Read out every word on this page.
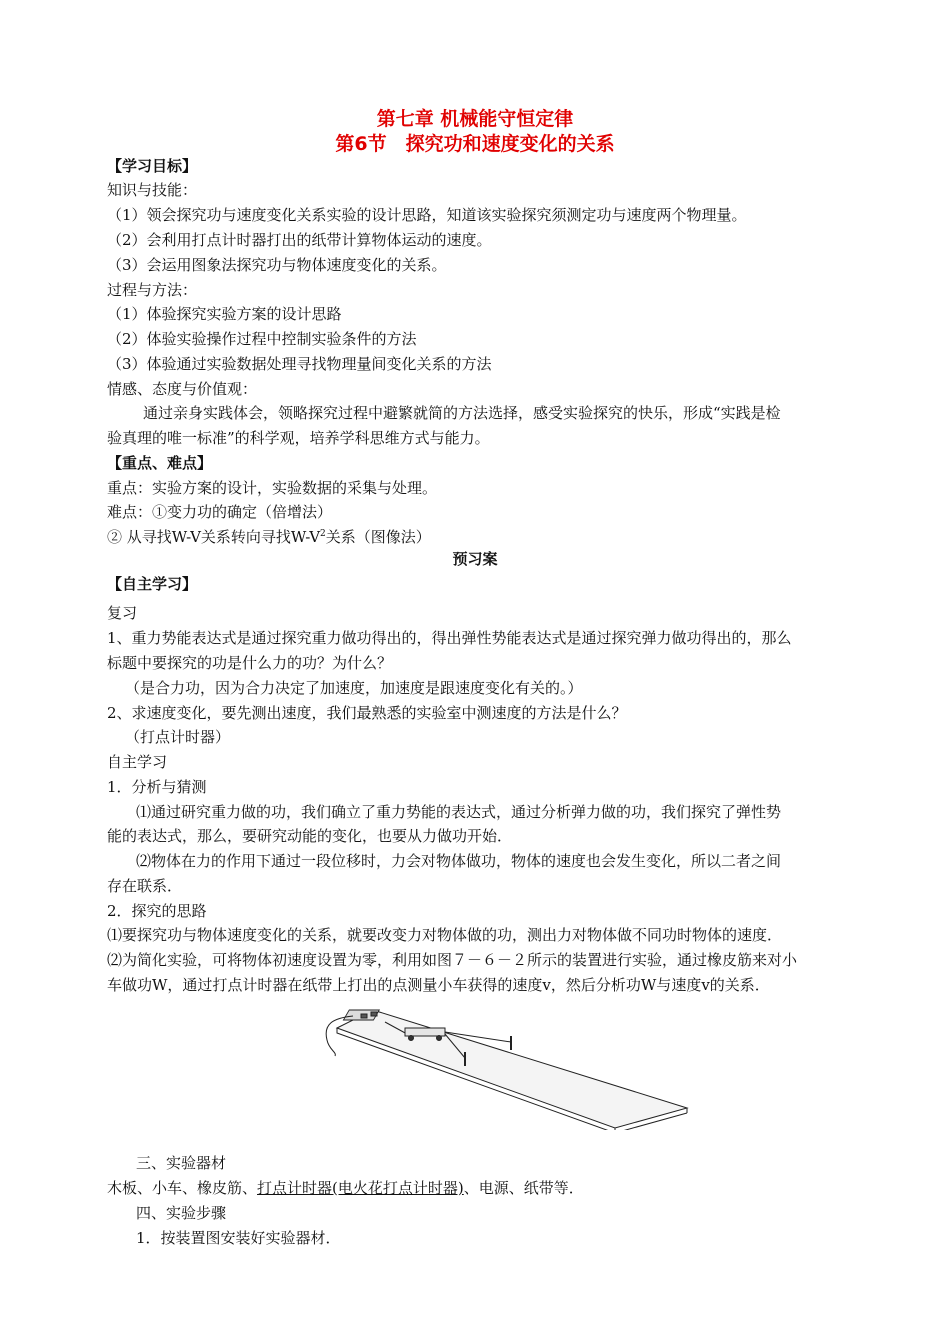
第七章 机械能守恒定律
第6节　探究功和速度变化的关系
【学习目标】
知识与技能：
（1）领会探究功与速度变化关系实验的设计思路，知道该实验探究须测定功与速度两个物理量。
（2）会利用打点计时器打出的纸带计算物体运动的速度。
（3）会运用图象法探究功与物体速度变化的关系。
过程与方法：
（1）体验探究实验方案的设计思路
（2）体验实验操作过程中控制实验条件的方法
（3）体验通过实验数据处理寻找物理量间变化关系的方法
情感、态度与价值观：
通过亲身实践体会，领略探究过程中避繁就简的方法选择，感受实验探究的快乐，形成“实践是检
验真理的唯一标准”的科学观，培养学科思维方式与能力。
【重点、难点】
重点：实验方案的设计，实验数据的采集与处理。
难点：①变力功的确定（倍增法）
② 从寻找W-V关系转向寻找$W-V^2$关系（图像法）
预习案
【自主学习】
复习
1、重力势能表达式是通过探究重力做功得出的，得出弹性势能表达式是通过探究弹力做功得出的，那么
标题中要探究的功是什么力的功？为什么？
（是合力功，因为合力决定了加速度，加速度是跟速度变化有关的。）
2、求速度变化，要先测出速度，我们最熟悉的实验室中测速度的方法是什么？
（打点计时器）
自主学习
1．分析与猜测
⑴通过研究重力做的功，我们确立了重力势能的表达式，通过分析弹力做的功，我们探究了弹性势
能的表达式，那么，要研究动能的变化，也要从力做功开始．
⑵物体在力的作用下通过一段位移时，力会对物体做功，物体的速度也会发生变化，所以二者之间
存在联系．
2．探究的思路
⑴要探究功与物体速度变化的关系，就要改变力对物体做的功，测出力对物体做不同功时物体的速度．
⑵为简化实验，可将物体初速度设置为零，利用如图７－６－２所示的装置进行实验，通过橡皮筋来对小
车做功W，通过打点计时器在纸带上打出的点测量小车获得的速度v，然后分析功W与速度v的关系．
三、实验器材
木板、小车、橡皮筋、打点计时器(电火花打点计时器)、电源、纸带等．
四、实验步骤
1．按装置图安装好实验器材．
